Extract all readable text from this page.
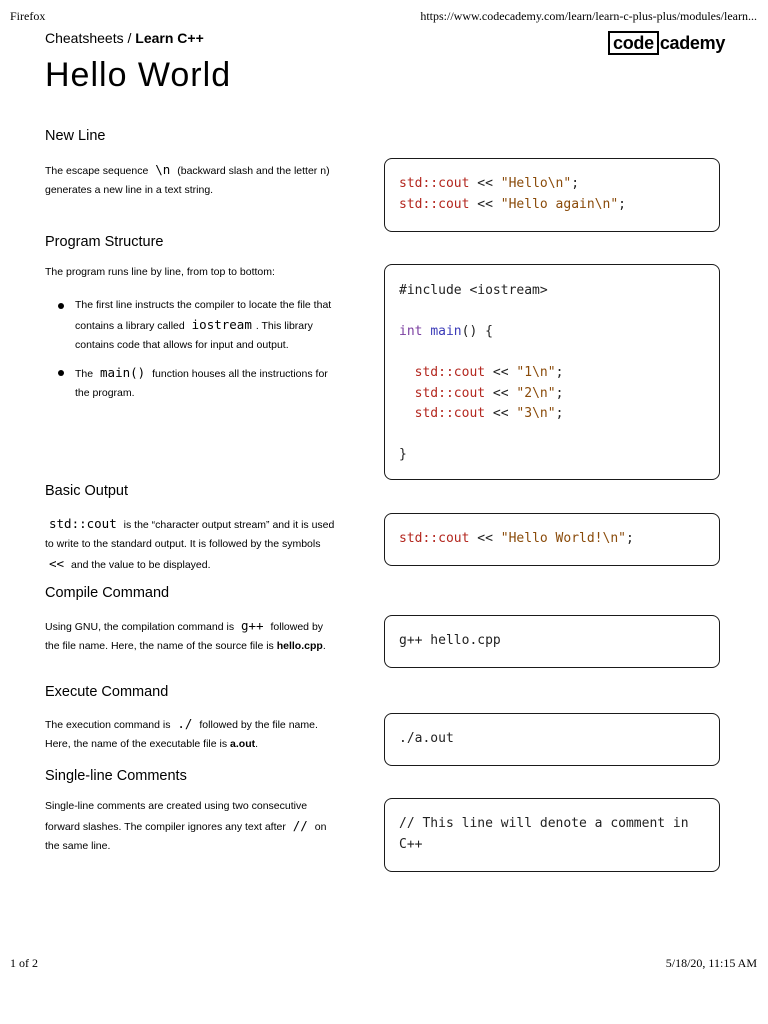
Firefox	https://www.codecademy.com/learn/learn-c-plus-plus/modules/learn...
1 of 2	5/18/20, 11:15 AM
Cheatsheets / Learn C++	code cademy
Hello World
New Line

The escape sequence \n (backward slash and the letter n) generates a new line in a text string.	std::cout << "Hello\n";
std::cout << "Hello again\n";
Program Structure

The program runs line by line, from top to bottom:

The first line instructs the compiler to locate the file that contains a library called iostream . This library contains code that allows for input and output.
The main() function houses all the instructions for the program.
#include <iostream>
int main() {
std::cout << "1\n";
std::cout << "2\n";
std::cout << "3\n";
}
Basic Output

std::cout is the “character output stream” and it is used to write to the standard output. It is followed by the symbols << and the value to be displayed.

std::cout << "Hello World!\n";
Compile Command

Using GNU, the compilation command is g++ followed by the file name. Here, the name of the source file is hello.cpp.	g++ hello.cpp
Execute Command

The execution command is ./ followed by the file name. Here, the name of the executable file is a.out.	./a.out
Single-line Comments

Single-line comments are created using two consecutive forward slashes. The compiler ignores any text after // on the same line.

// This line will denote a comment in
C++
